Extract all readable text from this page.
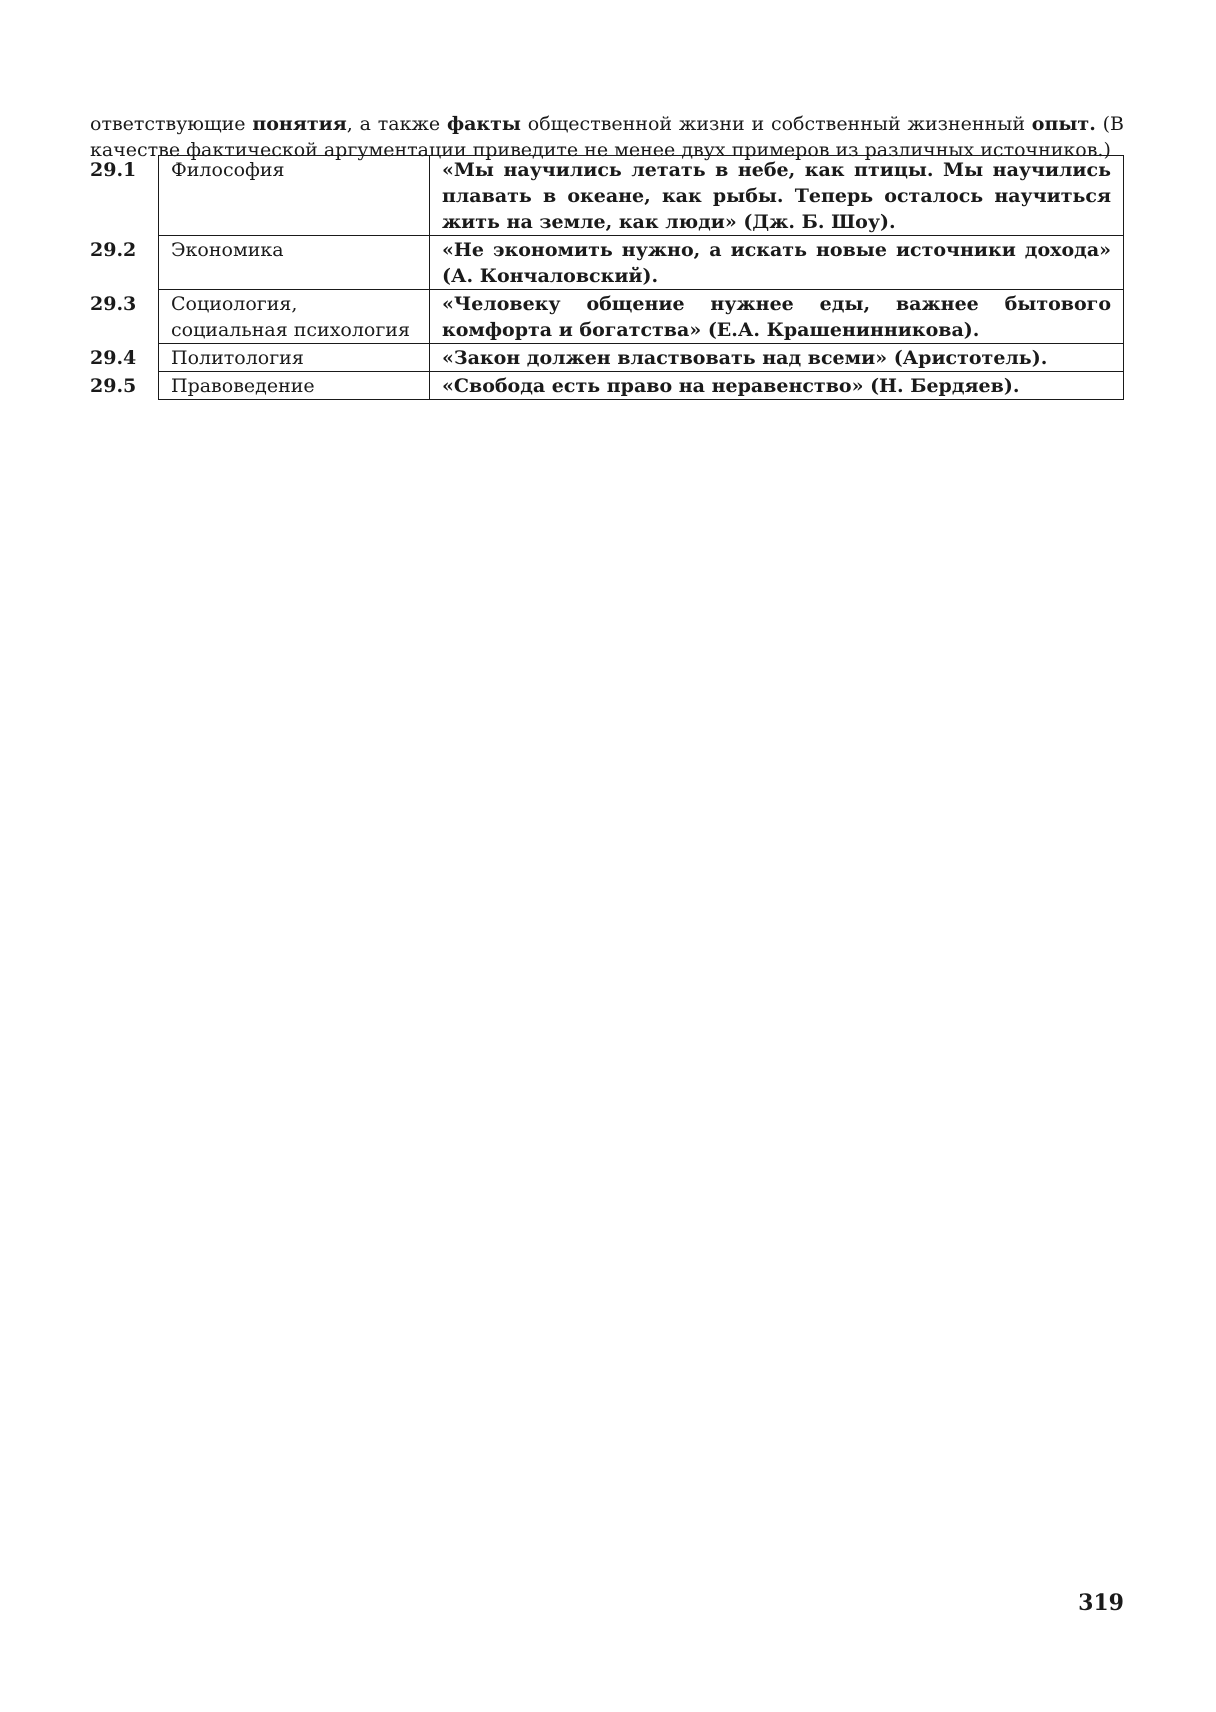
ответствующие понятия, а также факты общественной жизни и собственный жизненный опыт. (В качестве фактической аргументации приведите не менее двух примеров из различных источников.)

29.1	Философия	«Мы научились летать в небе, как птицы. Мы научились плавать в океане, как рыбы. Теперь осталось научиться жить на земле, как люди» (Дж. Б. Шоу).
29.2	Экономика	«Не экономить нужно, а искать новые источники дохода» (А. Кончаловский).
29.3	Социология, социальная психология	«Человеку общение нужнее еды, важнее бытового комфорта и богатства» (Е.А. Крашенинникова).
29.4	Политология	«Закон должен властвовать над всеми» (Аристотель).
29.5	Правоведение	«Свобода есть право на неравенство» (Н. Бердяев).
319
